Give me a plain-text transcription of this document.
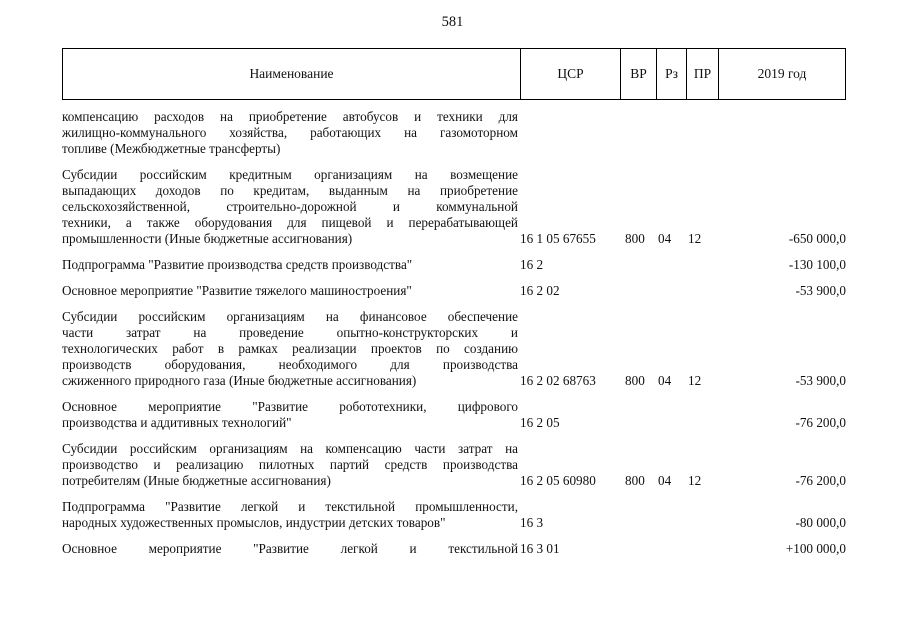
581
Наименование	ЦСР	ВР	Рз	ПР	2019 год
компенсацию расходов на приобретение автобусов и техники для
жилищно-коммунального хозяйства, работающих на газомоторном
топливе (Межбюджетные трансферты)
Субсидии российским кредитным организациям на возмещение
выпадающих доходов по кредитам, выданным на приобретение
сельскохозяйственной, строительно-дорожной и коммунальной
техники, а также оборудования для пищевой и перерабатывающей
промышленности (Иные бюджетные ассигнования)	16 1 05 67655	800	04	12	-650 000,0
Подпрограмма "Развитие производства средств производства"	16 2	-130 100,0
Основное мероприятие "Развитие тяжелого машиностроения"	16 2 02	-53 900,0
Субсидии российским организациям на финансовое обеспечение
части затрат на проведение опытно-конструкторских и
технологических работ в рамках реализации проектов по созданию
производств оборудования, необходимого для производства
сжиженного природного газа (Иные бюджетные ассигнования)	16 2 02 68763	800	04	12	-53 900,0
Основное мероприятие "Развитие робототехники, цифрового
производства и аддитивных технологий"	16 2 05	-76 200,0
Субсидии российским организациям на компенсацию части затрат на
производство и реализацию пилотных партий средств производства
потребителям (Иные бюджетные ассигнования)	16 2 05 60980	800	04	12	-76 200,0
Подпрограмма "Развитие легкой и текстильной промышленности,
народных художественных промыслов, индустрии детских товаров"	16 3	-80 000,0
Основное мероприятие "Развитие легкой и текстильной 16 3 01	+100 000,0
